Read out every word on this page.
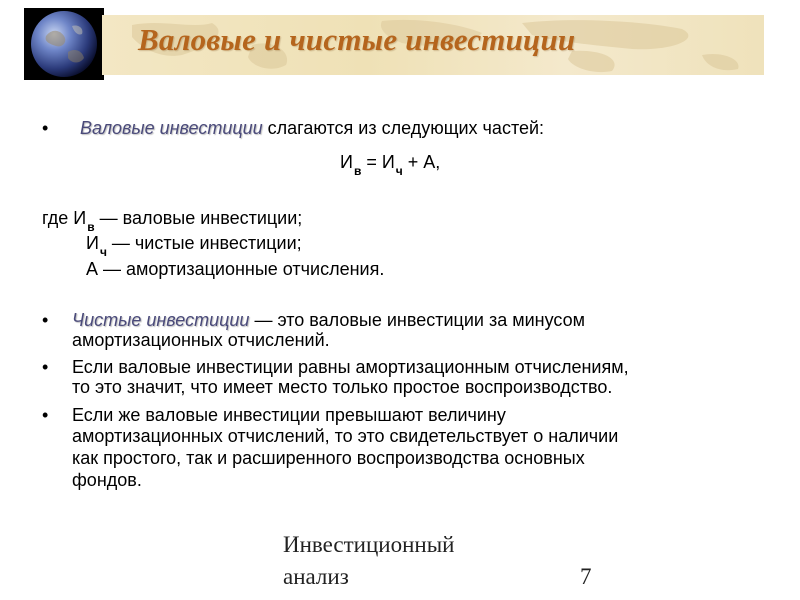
Валовые и чистые инвестиции
• Валовые инвестиции слагаются из следующих частей:
$И_в = И_ч + А$,
где $И_в$ — валовые инвестиции;
$И_ч$ — чистые инвестиции;
А — амортизационные отчисления.
• Чистые инвестиции — это валовые инвестиции за минусом
амортизационных отчислений.
• Если валовые инвестиции равны амортизационным отчислениям,
то это значит, что имеет место только простое воспроизводство.
• Если же валовые инвестиции превышают величину
амортизационных отчислений, то это свидетельствует о наличии
как простого, так и расширенного воспроизводства основных
фондов.
Инвестиционный
анализ	7
